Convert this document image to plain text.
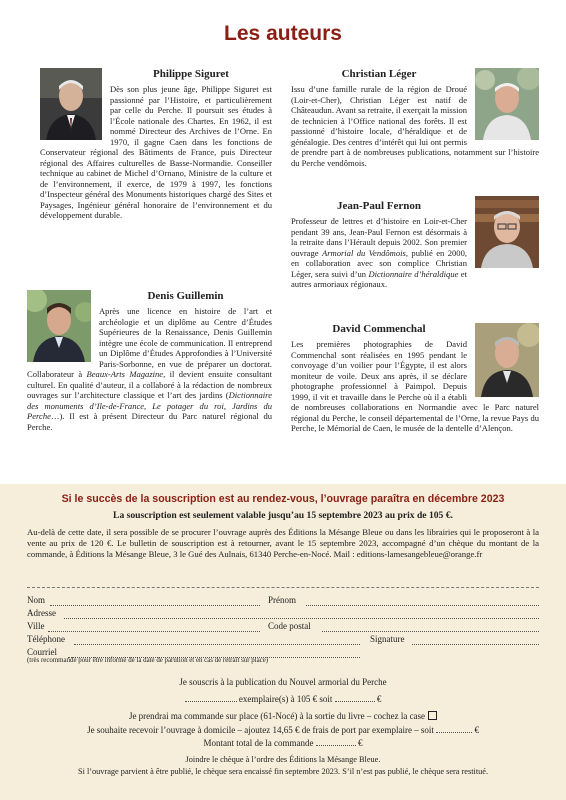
Les auteurs
Philippe Siguret

Dès son plus jeune âge, Philippe Siguret est passionné par l’Histoire, et particulièrement par celle du Perche. Il poursuit ses études à l’École nationale des Chartes. En 1962, il est nommé Directeur des Archives de l’Orne. En 1970, il gagne Caen dans les fonctions de Conservateur régional des Bâtiments de France, puis Directeur régional des Affaires culturelles de Basse-Normandie. Conseiller technique au cabinet de Michel d’Ornano, Ministre de la culture et de l’environnement, il exerce, de 1979 à 1997, les fonctions d’Inspecteur général des Monuments historiques chargé des Sites et Paysages, Ingénieur général honoraire de l’environnement et du développement durable.

Christian Léger

Issu d’une famille rurale de la région de Droué (Loir-et-Cher), Christian Léger est natif de Châteaudun. Avant sa retraite, il exerçait la mission de technicien à l’Office national des forêts. Il est passionné d’histoire locale, d’héraldique et de généalogie. Des centres d’intérêt qui lui ont permis de prendre part à de nombreuses publications, notamment sur l’histoire du Perche vendômois.

Jean-Paul Fernon

Professeur de lettres et d’histoire en Loir-et-Cher pendant 39 ans, Jean-Paul Fernon est désormais à la retraite dans l’Hérault depuis 2002. Son premier ouvrage Armorial du Vendômois, publié en 2000, en collaboration avec son complice Christian Léger, sera suivi d’un Dictionnaire d’héraldique et autres armoriaux régionaux.

Denis Guillemin

Après une licence en histoire de l’art et archéologie et un diplôme au Centre d’Études Supérieures de la Renaissance, Denis Guillemin intègre une école de communication. Il entreprend un Diplôme d’Études Approfondies à l’Université Paris-Sorbonne, en vue de préparer un doctorat. Collaborateur à Beaux-Arts Magazine, il devient ensuite consultant culturel. En qualité d’auteur, il a collaboré à la rédaction de nombreux ouvrages sur l’architecture classique et l’art des jardins (Dictionnaire des monuments d’Ile-de-France, Le potager du roi, Jardins du Perche…). Il est à présent Directeur du Parc naturel régional du Perche.

David Commenchal

Les premières photographies de David Commenchal sont réalisées en 1995 pendant le convoyage d’un voilier pour l’Égypte, il est alors moniteur de voile. Deux ans après, il se déclare photographe professionnel à Paimpol. Depuis 1999, il vit et travaille dans le Perche où il a établi de nombreuses collaborations en Normandie avec le Parc naturel régional du Perche, le conseil départemental de l’Orne, la revue Pays du Perche, le Mémorial de Caen, le musée de la dentelle d’Alençon.

Si le succès de la souscription est au rendez-vous, l’ouvrage paraîtra en décembre 2023
La souscription est seulement valable jusqu’au 15 septembre 2023 au prix de 105 €.

Au-delà de cette date, il sera possible de se procurer l’ouvrage auprès des Éditions la Mésange Bleue ou dans les librairies qui le proposeront à la vente au prix de 120 €. Le bulletin de souscription est à retourner, avant le 15 septembre 2023, accompagné d’un chèque du montant de la commande, à Éditions la Mésange Bleue, 3 le Gué des Aulnais, 61340 Perche-en-Nocé. Mail : editions-lamesangebleue@orange.fr

Nom	Prénom
Adresse
Ville	Code postal
Téléphone	Signature
Courriel
(très recommandé pour être informé de la date de parution et en cas de retrait sur place)
Je souscris à la publication du Nouvel armorial du Perche
exemplaire(s) à 105 € soit	€
Je prendrai ma commande sur place (61-Nocé) à la sortie du livre – cochez la case
Je souhaite recevoir l’ouvrage à domicile – ajoutez 14,65 € de frais de port par exemplaire – soit	€
Montant total de la commande	€
Joindre le chèque à l’ordre des Éditions la Mésange Bleue.
Si l’ouvrage parvient à être publié, le chèque sera encaissé fin septembre 2023. S’il n’est pas publié, le chèque sera restitué.
